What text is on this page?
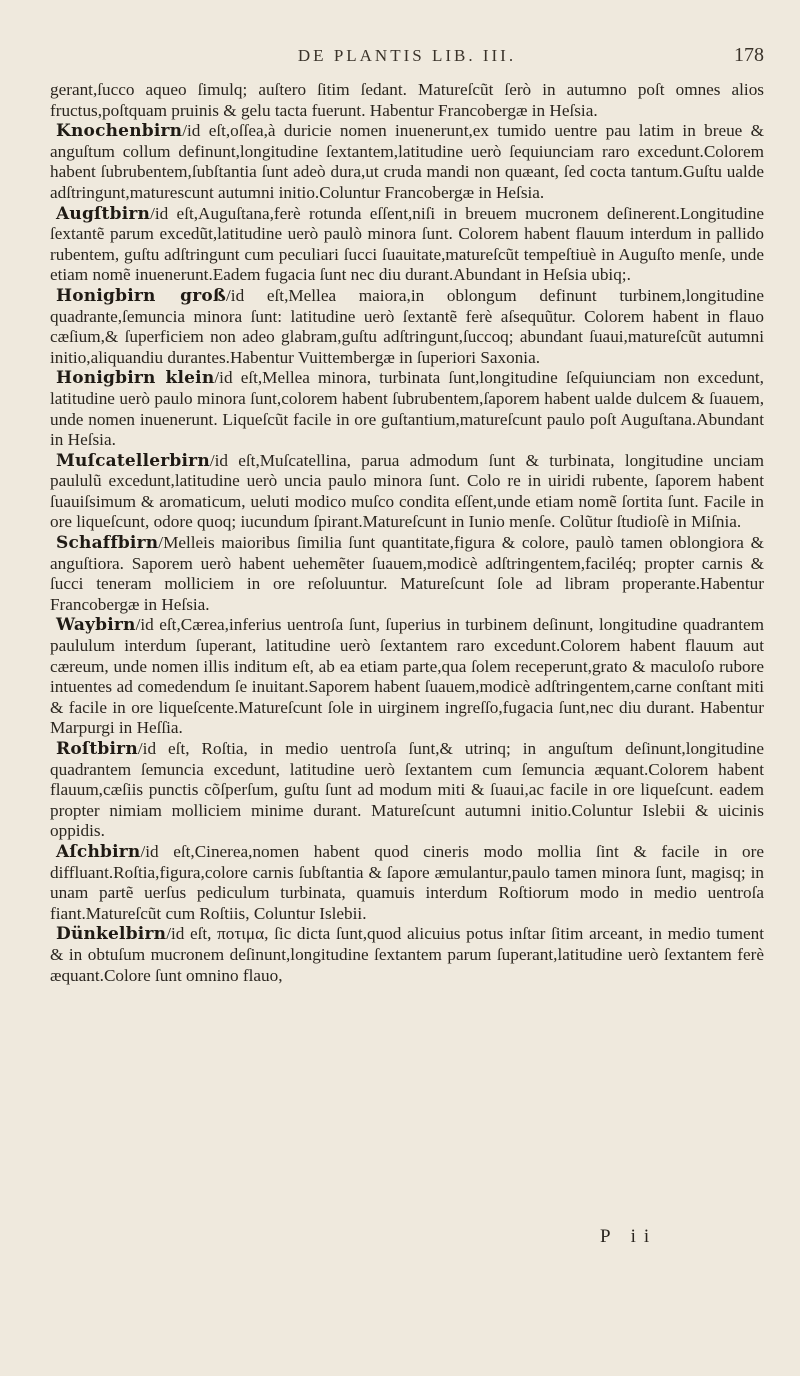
DE PLANTIS LIB. III.	178

gerant,ſucco aqueo ſimulq; auſtero ſitim ſedant. Matureſcũt ſerò in autumno poſt omnes alios fructus,poſtquam pruinis & gelu tacta fuerunt. Habentur Francobergæ in Heſsia.

Knochenbirn/id eſt,oſſea,à duricie nomen inuenerunt,ex tumido uentre pau latim in breue & anguſtum collum definunt,longitudine ſextantem,latitudine uerò ſequiunciam raro excedunt.Colorem habent ſubrubentem,ſubſtantia ſunt adeò dura,ut cruda mandi non quæant, ſed cocta tantum.Guſtu ualde adſtringunt,maturescunt autumni initio.Coluntur Francobergæ in Heſsia.

Augſtbirn/id eſt,Auguſtana,ferè rotunda eſſent,niſi in breuem mucronem deſinerent.Longitudine ſextantẽ parum excedũt,latitudine uerò paulò minora ſunt. Colorem habent flauum interdum in pallido rubentem, guſtu adſtringunt cum peculiari ſucci ſuauitate,matureſcũt tempeſtiuè in Auguſto menſe, unde etiam nomẽ inuenerunt.Eadem fugacia ſunt nec diu durant.Abundant in Heſsia ubiq;.

Honigbirn groß/id eſt,Mellea maiora,in oblongum definunt turbinem,longitudine quadrante,ſemuncia minora ſunt: latitudine uerò ſextantẽ ferè aſsequũtur. Colorem habent in flauo cæſium,& ſuperficiem non adeo glabram,guſtu adſtringunt,ſuccoq; abundant ſuaui,matureſcũt autumni initio,aliquandiu durantes.Habentur Vuittembergæ in ſuperiori Saxonia.

Honigbirn klein/id eſt,Mellea minora, turbinata ſunt,longitudine ſeſquiunciam non excedunt, latitudine uerò paulo minora ſunt,colorem habent ſubrubentem,ſaporem habent ualde dulcem & ſuauem, unde nomen inuenerunt. Liqueſcũt facile in ore guſtantium,matureſcunt paulo poſt Auguſtana.Abundant in Heſsia.

Muſcatellerbirn/id eſt,Muſcatellina, parua admodum ſunt & turbinata, longitudine unciam paululũ excedunt,latitudine uerò uncia paulo minora ſunt. Colo re in uiridi rubente, ſaporem habent ſuauiſsimum & aromaticum, ueluti modico muſco condita eſſent,unde etiam nomẽ ſortita ſunt. Facile in ore liqueſcunt, odore quoq; iucundum ſpirant.Matureſcunt in Iunio menſe. Colũtur ſtudioſè in Miſnia.

Schaffbirn/Melleis maioribus ſimilia ſunt quantitate,figura & colore, paulò tamen oblongiora & anguſtiora. Saporem uerò habent uehemẽter ſuauem,modicè adſtringentem,faciléq; propter carnis & ſucci teneram molliciem in ore reſoluuntur. Matureſcunt ſole ad libram properante.Habentur Francobergæ in Heſsia.

Waybirn/id eſt,Cærea,inferius uentroſa ſunt, ſuperius in turbinem deſinunt, longitudine quadrantem paululum interdum ſuperant, latitudine uerò ſextantem raro excedunt.Colorem habent flauum aut cæreum, unde nomen illis inditum eſt, ab ea etiam parte,qua ſolem receperunt,grato & maculoſo rubore intuentes ad comedendum ſe inuitant.Saporem habent ſuauem,modicè adſtringentem,carne conſtant miti & facile in ore liqueſcente.Matureſcunt ſole in uirginem ingreſſo,fugacia ſunt,nec diu durant. Habentur Marpurgi in Heſſia.

Roſtbirn/id eſt, Roſtia, in medio uentroſa ſunt,& utrinq; in anguſtum deſinunt,longitudine quadrantem ſemuncia excedunt, latitudine uerò ſextantem cum ſemuncia æquant.Colorem habent flauum,cæſiis punctis cõſperſum, guſtu ſunt ad modum miti & ſuaui,ac facile in ore liqueſcunt. eadem propter nimiam molliciem minime durant. Matureſcunt autumni initio.Coluntur Islebii & uicinis oppidis.

Aſchbirn/id eſt,Cinerea,nomen habent quod cineris modo mollia ſint & facile in ore diffluant.Roſtia,figura,colore carnis ſubſtantia & ſapore æmulantur,paulo tamen minora ſunt, magisq; in unam partẽ uerſus pediculum turbinata, quamuis interdum Roſtiorum modo in medio uentroſa fiant.Matureſcũt cum Roſtiis, Coluntur Islebii.

Dünkelbirn/id eſt, ποτιμα, ſic dicta ſunt,quod alicuius potus inſtar ſitim arceant, in medio tument & in obtuſum mucronem deſinunt,longitudine ſextantem parum ſuperant,latitudine uerò ſextantem ferè æquant.Colore ſunt omnino flauo,

P ii
